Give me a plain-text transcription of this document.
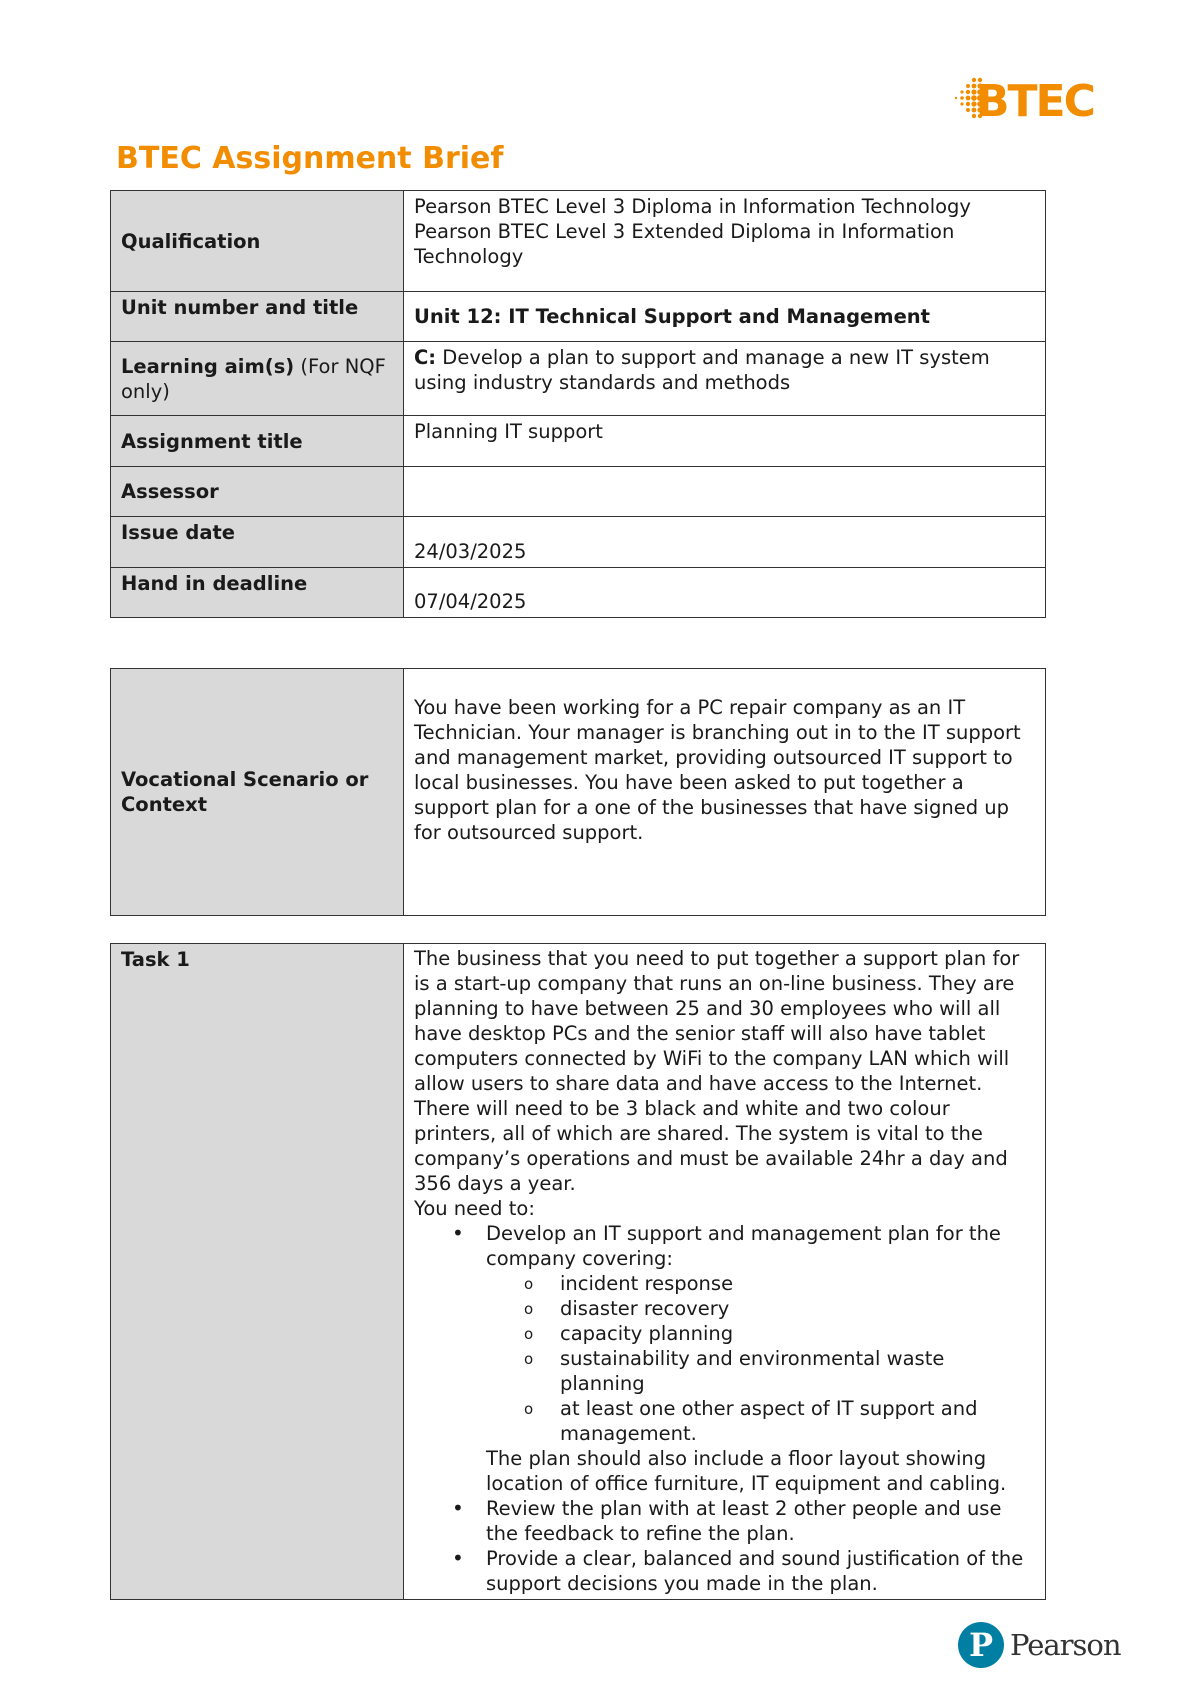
BTEC
BTEC Assignment Brief
Qualification	Pearson BTEC Level 3 Diploma in Information Technology
Pearson BTEC Level 3 Extended Diploma in Information Technology

Unit number and title	Unit 12: IT Technical Support and Management
Learning aim(s) (For NQF only)	C: Develop a plan to support and manage a new IT system using industry standards and methods
Assignment title	Planning IT support
Assessor	
Issue date	24/03/2025
Hand in deadline	07/04/2025
Vocational Scenario or Context	You have been working for a PC repair company as an IT Technician. Your manager is branching out in to the IT support and management market, providing outsourced IT support to local businesses. You have been asked to put together a support plan for a one of the businesses that have signed up for outsourced support.
Task 1	The business that you need to put together a support plan for is a start-up company that runs an on-line business. They are planning to have between 25 and 30 employees who will all have desktop PCs and the senior staff will also have tablet computers connected by WiFi to the company LAN which will allow users to share data and have access to the Internet. There will need to be 3 black and white and two colour printers, all of which are shared. The system is vital to the company’s operations and must be available 24hr a day and 356 days a year.

You need to:

• Develop an IT support and management plan for the company covering:
o incident response
o disaster recovery
o capacity planning
o sustainability and environmental waste planning
o at least one other aspect of IT support and management.

The plan should also include a floor layout showing location of office furniture, IT equipment and cabling.

• Review the plan with at least 2 other people and use the feedback to refine the plan.
• Provide a clear, balanced and sound justification of the support decisions you made in the plan.
P Pearson
